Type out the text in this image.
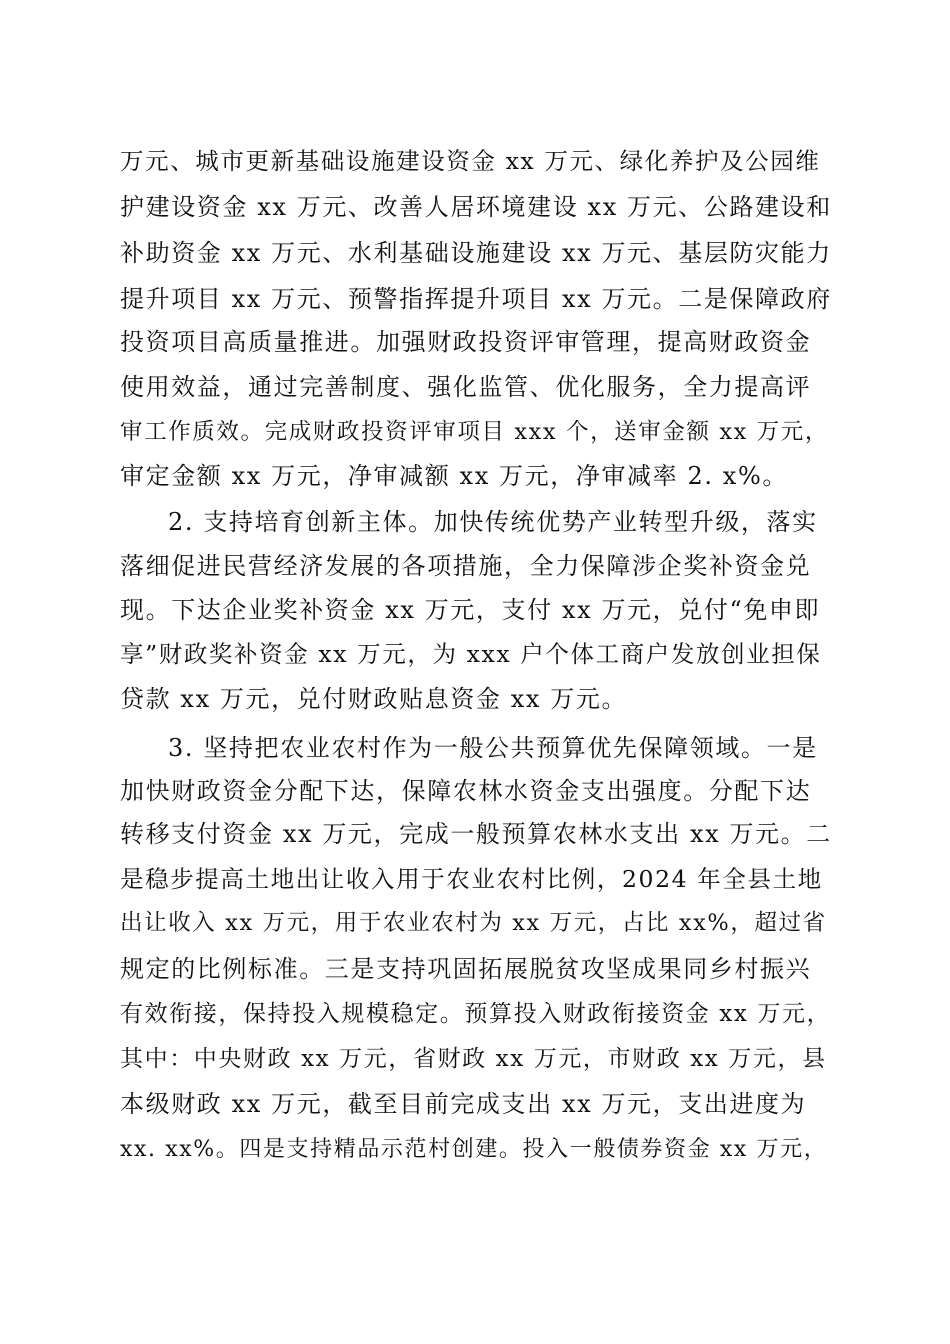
万元、城市更新基础设施建设资金 xx 万元、绿化养护及公园维
护建设资金 xx 万元、改善人居环境建设 xx 万元、公路建设和
补助资金 xx 万元、水利基础设施建设 xx 万元、基层防灾能力
提升项目 xx 万元、预警指挥提升项目 xx 万元。二是保障政府
投资项目高质量推进。加强财政投资评审管理，提高财政资金
使用效益，通过完善制度、强化监管、优化服务，全力提高评
审工作质效。完成财政投资评审项目 xxx 个，送审金额 xx 万元，
审定金额 xx 万元，净审减额 xx 万元，净审减率 2. x%。
2. 支持培育创新主体。加快传统优势产业转型升级，落实
落细促进民营经济发展的各项措施，全力保障涉企奖补资金兑
现。下达企业奖补资金 xx 万元，支付 xx 万元，兑付“免申即
享”财政奖补资金 xx 万元，为 xxx 户个体工商户发放创业担保
贷款 xx 万元，兑付财政贴息资金 xx 万元。
3. 坚持把农业农村作为一般公共预算优先保障领域。一是
加快财政资金分配下达，保障农林水资金支出强度。分配下达
转移支付资金 xx 万元，完成一般预算农林水支出 xx 万元。二
是稳步提高土地出让收入用于农业农村比例，2024 年全县土地
出让收入 xx 万元，用于农业农村为 xx 万元，占比 xx%，超过省
规定的比例标准。三是支持巩固拓展脱贫攻坚成果同乡村振兴
有效衔接，保持投入规模稳定。预算投入财政衔接资金 xx 万元，
其中：中央财政 xx 万元，省财政 xx 万元，市财政 xx 万元，县
本级财政 xx 万元，截至目前完成支出 xx 万元，支出进度为
xx. xx%。四是支持精品示范村创建。投入一般债券资金 xx 万元，
